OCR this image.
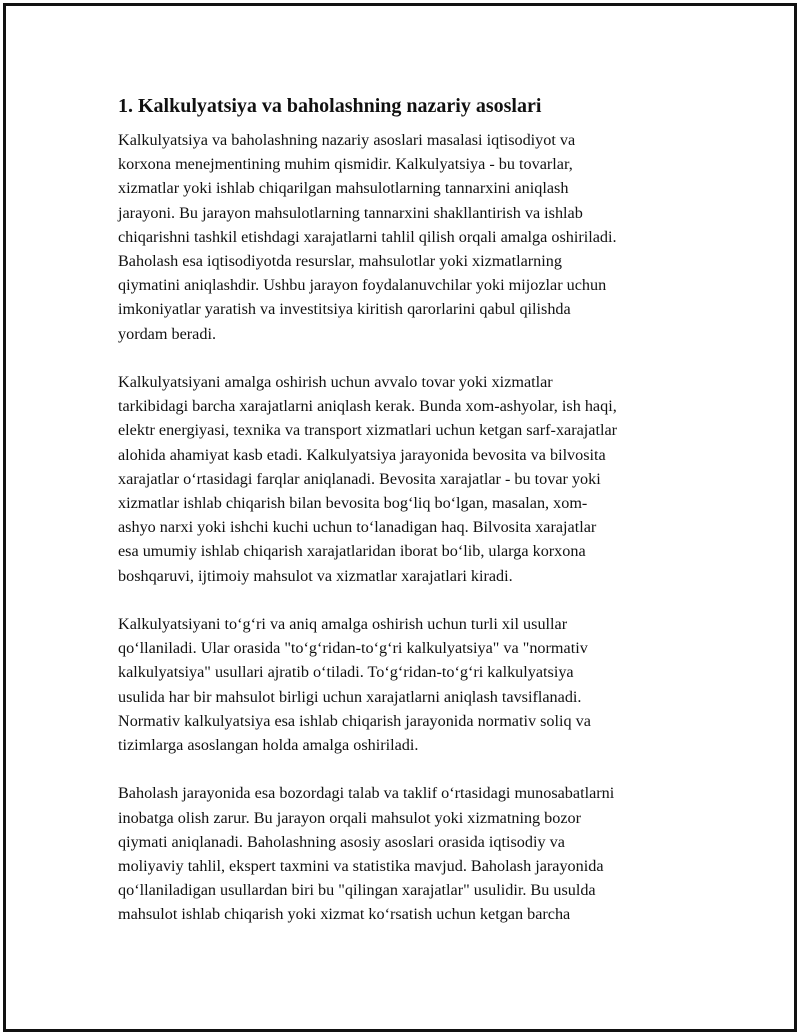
1. Kalkulyatsiya va baholashning nazariy asoslari

Kalkulyatsiya va baholashning nazariy asoslari masalasi iqtisodiyot va
korxona menejmentining muhim qismidir. Kalkulyatsiya - bu tovarlar,
xizmatlar yoki ishlab chiqarilgan mahsulotlarning tannarxini aniqlash
jarayoni. Bu jarayon mahsulotlarning tannarxini shakllantirish va ishlab
chiqarishni tashkil etishdagi xarajatlarni tahlil qilish orqali amalga oshiriladi.
Baholash esa iqtisodiyotda resurslar, mahsulotlar yoki xizmatlarning
qiymatini aniqlashdir. Ushbu jarayon foydalanuvchilar yoki mijozlar uchun
imkoniyatlar yaratish va investitsiya kiritish qarorlarini qabul qilishda
yordam beradi.

Kalkulyatsiyani amalga oshirish uchun avvalo tovar yoki xizmatlar
tarkibidagi barcha xarajatlarni aniqlash kerak. Bunda xom-ashyolar, ish haqi,
elektr energiyasi, texnika va transport xizmatlari uchun ketgan sarf-xarajatlar
alohida ahamiyat kasb etadi. Kalkulyatsiya jarayonida bevosita va bilvosita
xarajatlar o‘rtasidagi farqlar aniqlanadi. Bevosita xarajatlar - bu tovar yoki
xizmatlar ishlab chiqarish bilan bevosita bog‘liq bo‘lgan, masalan, xom-
ashyo narxi yoki ishchi kuchi uchun to‘lanadigan haq. Bilvosita xarajatlar
esa umumiy ishlab chiqarish xarajatlaridan iborat bo‘lib, ularga korxona
boshqaruvi, ijtimoiy mahsulot va xizmatlar xarajatlari kiradi.

Kalkulyatsiyani to‘g‘ri va aniq amalga oshirish uchun turli xil usullar
qo‘llaniladi. Ular orasida "to‘g‘ridan-to‘g‘ri kalkulyatsiya" va "normativ
kalkulyatsiya" usullari ajratib o‘tiladi. To‘g‘ridan-to‘g‘ri kalkulyatsiya
usulida har bir mahsulot birligi uchun xarajatlarni aniqlash tavsiflanadi.
Normativ kalkulyatsiya esa ishlab chiqarish jarayonida normativ soliq va
tizimlarga asoslangan holda amalga oshiriladi.

Baholash jarayonida esa bozordagi talab va taklif o‘rtasidagi munosabatlarni
inobatga olish zarur. Bu jarayon orqali mahsulot yoki xizmatning bozor
qiymati aniqlanadi. Baholashning asosiy asoslari orasida iqtisodiy va
moliyaviy tahlil, ekspert taxmini va statistika mavjud. Baholash jarayonida
qo‘llaniladigan usullardan biri bu "qilingan xarajatlar" usulidir. Bu usulda
mahsulot ishlab chiqarish yoki xizmat ko‘rsatish uchun ketgan barcha
